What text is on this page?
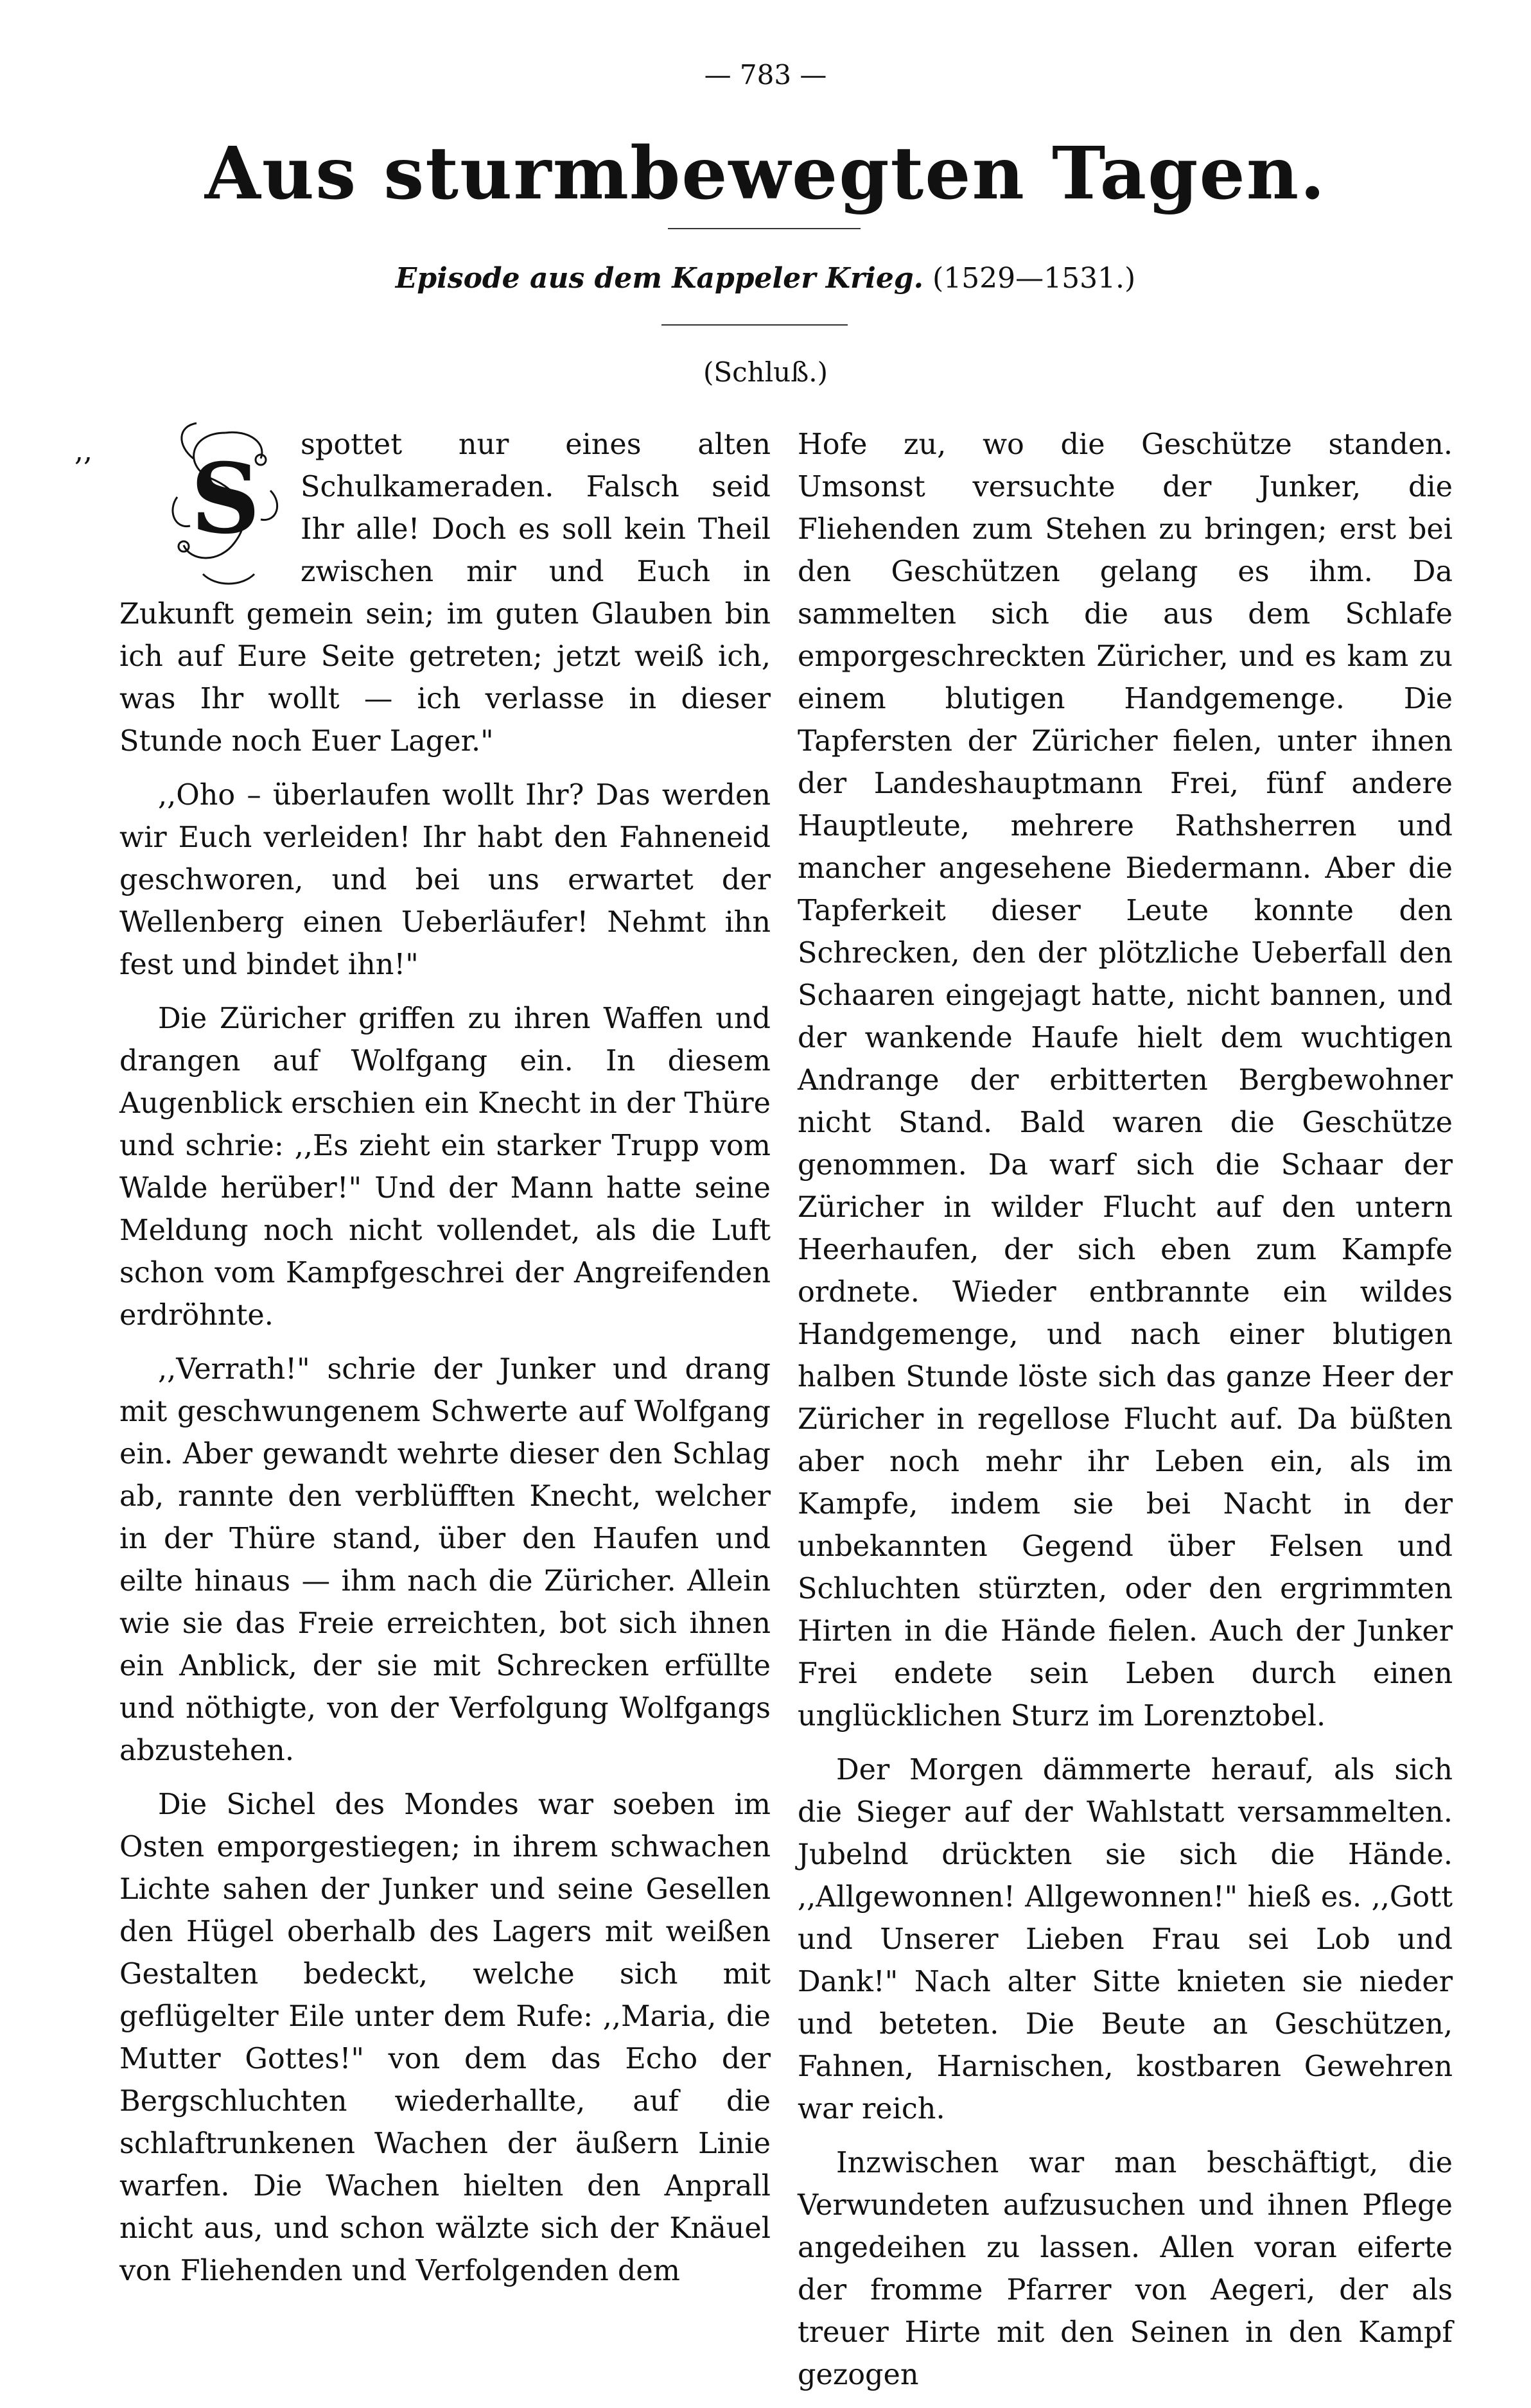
— 783 —
Aus sturmbewegten Tagen.
Episode aus dem Kappeler Krieg. (1529—1531.)
(Schluß.)

,, S spottet nur eines alten Schulkameraden. Falsch seid Ihr alle! Doch es soll kein Theil zwischen mir und Euch in Zukunft gemein sein; im guten Glauben bin ich auf Eure Seite getreten; jetzt weiß ich, was Ihr wollt — ich verlasse in dieser Stunde noch Euer Lager."

,,Oho – überlaufen wollt Ihr? Das werden wir Euch verleiden! Ihr habt den Fahneneid geschworen, und bei uns erwartet der Wellenberg einen Ueberläufer! Nehmt ihn fest und bindet ihn!"

Die Züricher griffen zu ihren Waffen und drangen auf Wolfgang ein. In diesem Augenblick erschien ein Knecht in der Thüre und schrie: ,,Es zieht ein starker Trupp vom Walde herüber!" Und der Mann hatte seine Meldung noch nicht vollendet, als die Luft schon vom Kampfgeschrei der Angreifenden erdröhnte.

,,Verrath!" schrie der Junker und drang mit geschwungenem Schwerte auf Wolfgang ein. Aber gewandt wehrte dieser den Schlag ab, rannte den verblüfften Knecht, welcher in der Thüre stand, über den Haufen und eilte hinaus — ihm nach die Züricher. Allein wie sie das Freie erreichten, bot sich ihnen ein Anblick, der sie mit Schrecken erfüllte und nöthigte, von der Verfolgung Wolfgangs abzustehen.

Die Sichel des Mondes war soeben im Osten emporgestiegen; in ihrem schwachen Lichte sahen der Junker und seine Gesellen den Hügel oberhalb des Lagers mit weißen Gestalten bedeckt, welche sich mit geflügelter Eile unter dem Rufe: ,,Maria, die Mutter Gottes!" von dem das Echo der Bergschluchten wiederhallte, auf die schlaftrunkenen Wachen der äußern Linie warfen. Die Wachen hielten den Anprall nicht aus, und schon wälzte sich der Knäuel von Fliehenden und Verfolgenden dem

Hofe zu, wo die Geschütze standen. Umsonst versuchte der Junker, die Fliehenden zum Stehen zu bringen; erst bei den Geschützen gelang es ihm. Da sammelten sich die aus dem Schlafe emporgeschreckten Züricher, und es kam zu einem blutigen Handgemenge. Die Tapfersten der Züricher fielen, unter ihnen der Landeshauptmann Frei, fünf andere Hauptleute, mehrere Rathsherren und mancher angesehene Biedermann. Aber die Tapferkeit dieser Leute konnte den Schrecken, den der plötzliche Ueberfall den Schaaren eingejagt hatte, nicht bannen, und der wankende Haufe hielt dem wuchtigen Andrange der erbitterten Bergbewohner nicht Stand. Bald waren die Geschütze genommen. Da warf sich die Schaar der Züricher in wilder Flucht auf den untern Heerhaufen, der sich eben zum Kampfe ordnete. Wieder entbrannte ein wildes Handgemenge, und nach einer blutigen halben Stunde löste sich das ganze Heer der Züricher in regellose Flucht auf. Da büßten aber noch mehr ihr Leben ein, als im Kampfe, indem sie bei Nacht in der unbekannten Gegend über Felsen und Schluchten stürzten, oder den ergrimmten Hirten in die Hände fielen. Auch der Junker Frei endete sein Leben durch einen unglücklichen Sturz im Lorenztobel.

Der Morgen dämmerte herauf, als sich die Sieger auf der Wahlstatt versammelten. Jubelnd drückten sie sich die Hände. ,,Allgewonnen! Allgewonnen!" hieß es. ,,Gott und Unserer Lieben Frau sei Lob und Dank!" Nach alter Sitte knieten sie nieder und beteten. Die Beute an Geschützen, Fahnen, Harnischen, kostbaren Gewehren war reich.

Inzwischen war man beschäftigt, die Verwundeten aufzusuchen und ihnen Pflege angedeihen zu lassen. Allen voran eiferte der fromme Pfarrer von Aegeri, der als treuer Hirte mit den Seinen in den Kampf gezogen
